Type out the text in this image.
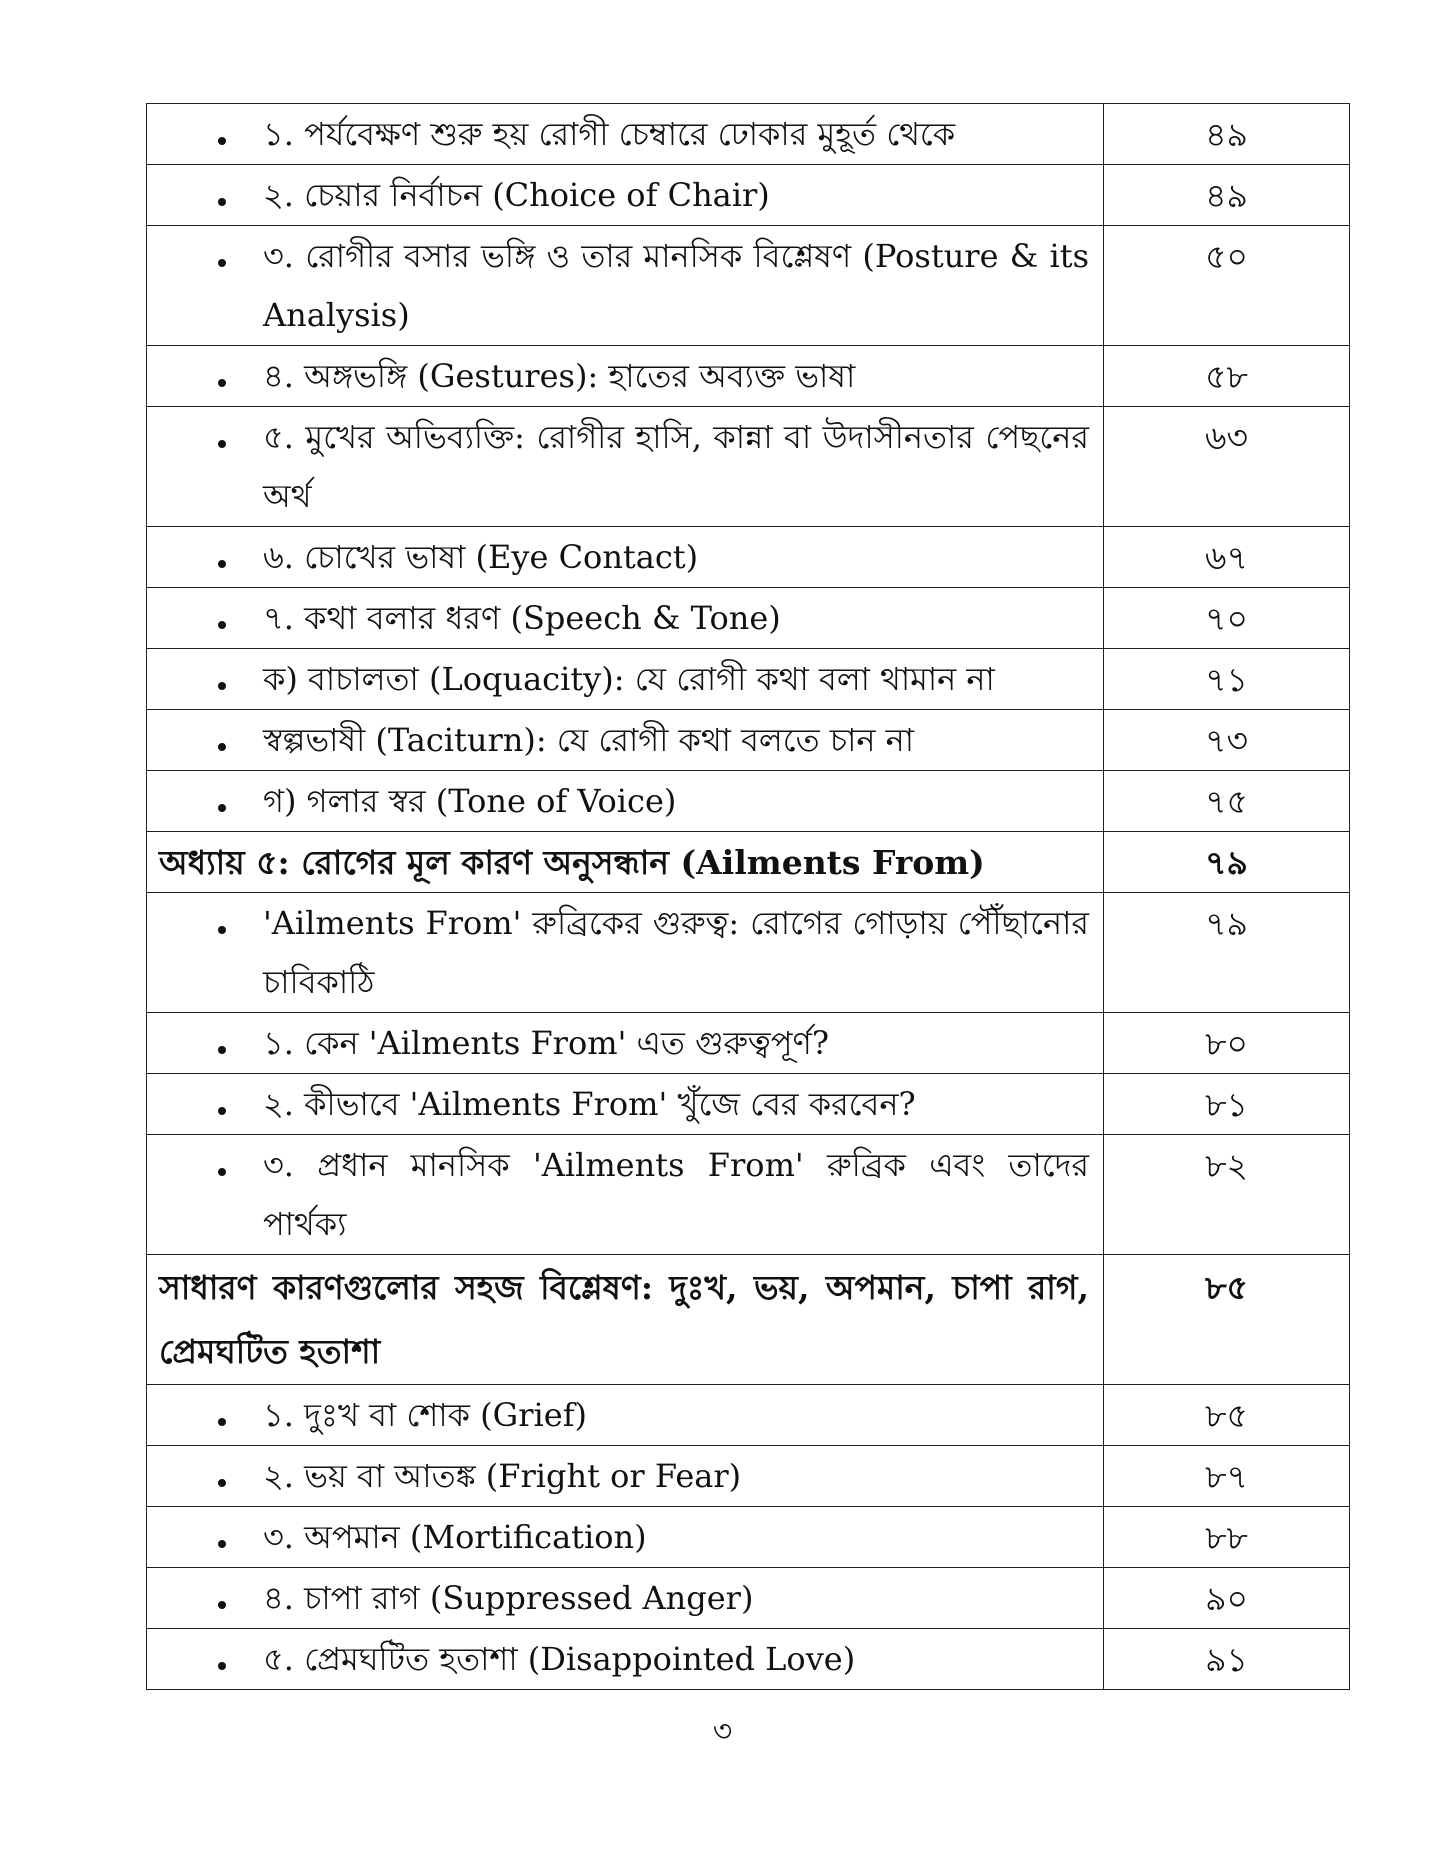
১. পর্যবেক্ষণ শুরু হয় রোগী চেম্বারে ঢোকার মুহূর্ত থেকে	৪৯

২. চেয়ার নির্বাচন (Choice of Chair)	৪৯

৩. রোগীর বসার ভঙ্গি ও তার মানসিক বিশ্লেষণ (Posture & its Analysis)	৫০

৪. অঙ্গভঙ্গি (Gestures): হাতের অব্যক্ত ভাষা	৫৮

৫. মুখের অভিব্যক্তি: রোগীর হাসি, কান্না বা উদাসীনতার পেছনের অর্থ	৬৩

৬. চোখের ভাষা (Eye Contact)	৬৭

৭. কথা বলার ধরণ (Speech & Tone)	৭০

ক) বাচালতা (Loquacity): যে রোগী কথা বলা থামান না	৭১

স্বল্পভাষী (Taciturn): যে রোগী কথা বলতে চান না	৭৩

গ) গলার স্বর (Tone of Voice)	৭৫

অধ্যায় ৫: রোগের মূল কারণ অনুসন্ধান (Ailments From)	৭৯

'Ailments From' রুব্রিকের গুরুত্ব: রোগের গোড়ায় পৌঁছানোর চাবিকাঠি	৭৯

১. কেন 'Ailments From' এত গুরুত্বপূর্ণ?	৮০

২. কীভাবে 'Ailments From' খুঁজে বের করবেন?	৮১

৩. প্রধান মানসিক 'Ailments From' রুব্রিক এবং তাদের পার্থক্য	৮২

সাধারণ কারণগুলোর সহজ বিশ্লেষণ: দুঃখ, ভয়, অপমান, চাপা রাগ, প্রেমঘটিত হতাশা	৮৫

১. দুঃখ বা শোক (Grief)	৮৫

২. ভয় বা আতঙ্ক (Fright or Fear)	৮৭

৩. অপমান (Mortification)	৮৮

৪. চাপা রাগ (Suppressed Anger)	৯০

৫. প্রেমঘটিত হতাশা (Disappointed Love)	৯১
৩
